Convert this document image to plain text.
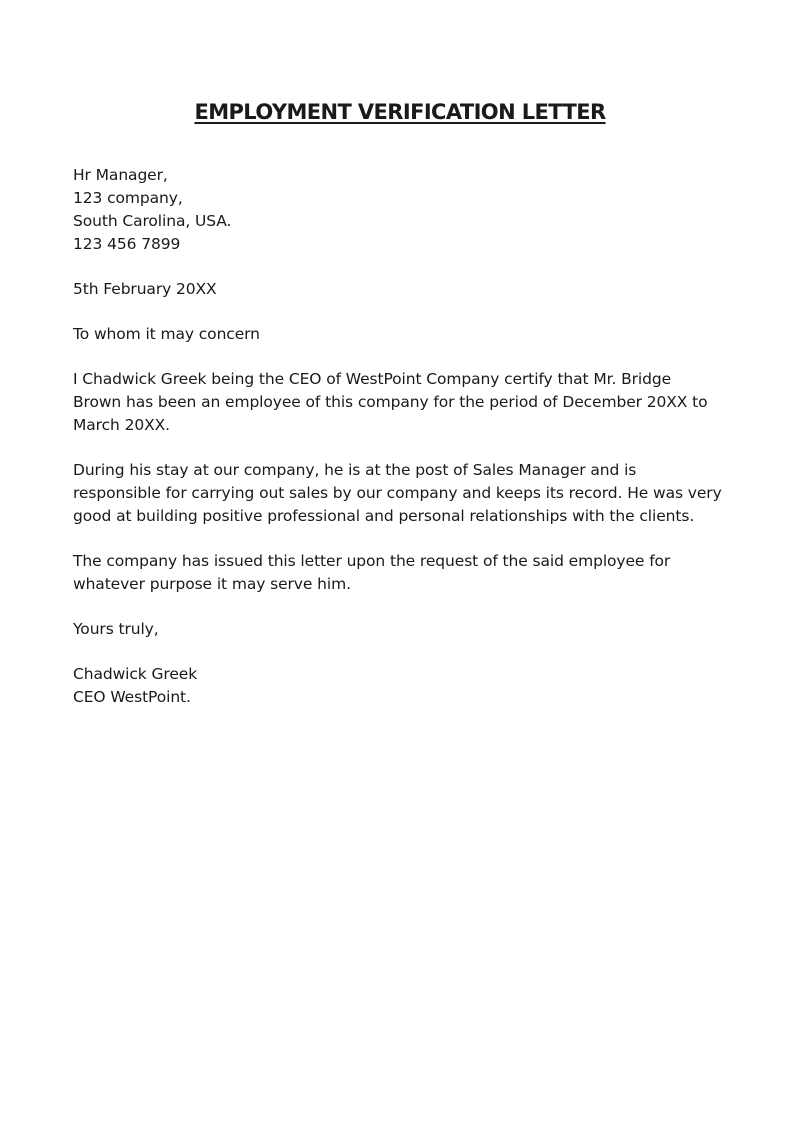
EMPLOYMENT VERIFICATION LETTER
Hr Manager,
123 company,
South Carolina, USA.
123 456 7899
5th February 20XX
To whom it may concern

I Chadwick Greek being the CEO of WestPoint Company certify that Mr. Bridge
Brown has been an employee of this company for the period of December 20XX to
March 20XX.

During his stay at our company, he is at the post of Sales Manager and is
responsible for carrying out sales by our company and keeps its record. He was very
good at building positive professional and personal relationships with the clients.

The company has issued this letter upon the request of the said employee for
whatever purpose it may serve him.

Yours truly,
Chadwick Greek
CEO WestPoint.
